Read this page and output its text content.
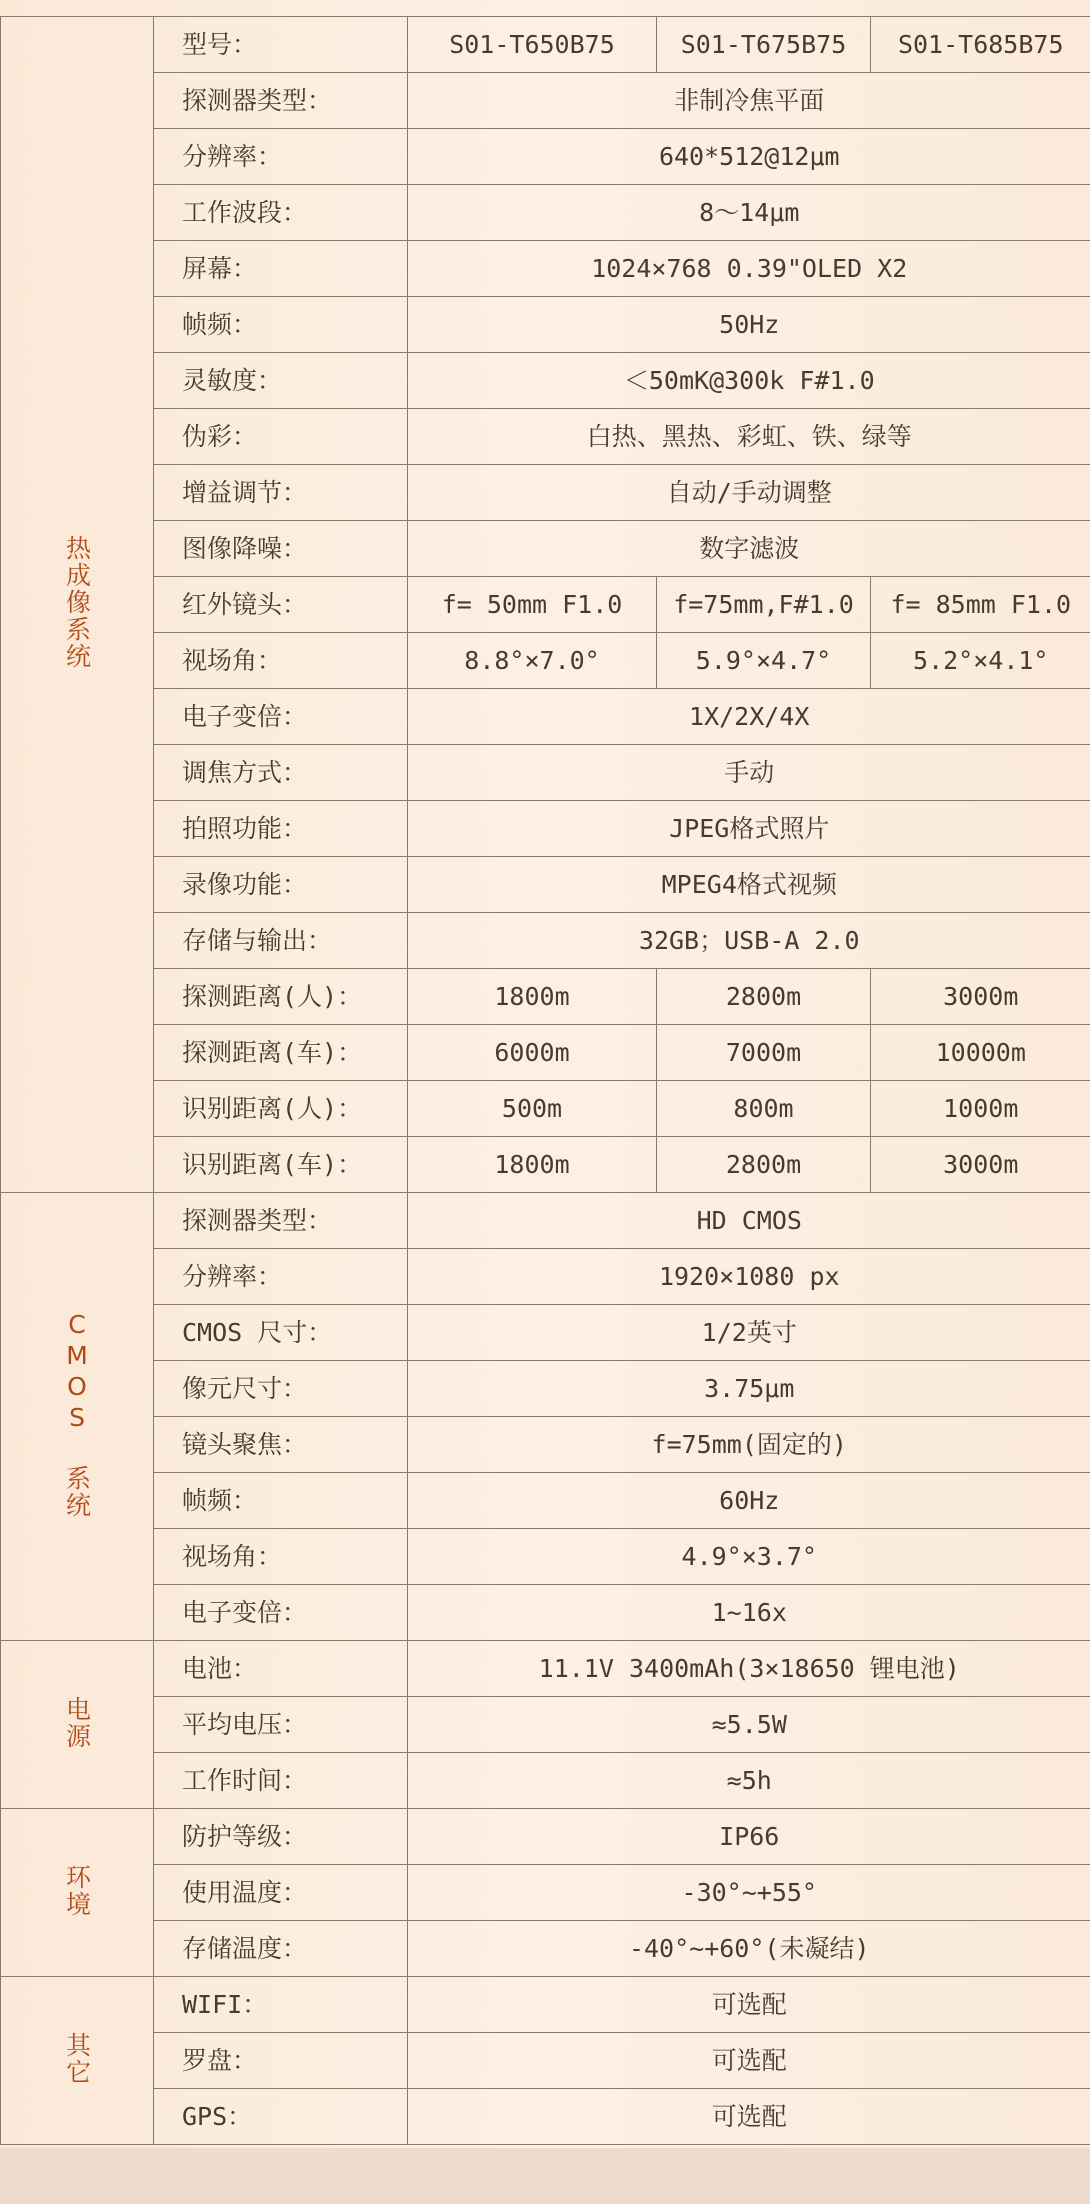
热成像系统	型号：	S01-T650B75	S01-T675B75	S01-T685B75
	探测器类型：	非制冷焦平面		
	分辨率：	640*512@12μm		
	工作波段：	8～14μm		
	屏幕：	1024×768 0.39"OLED X2		
	帧频：	50Hz		
	灵敏度：	＜50mK@300k F#1.0		
	伪彩：	白热、黑热、彩虹、铁、绿等		
	增益调节：	自动/手动调整		
	图像降噪：	数字滤波		
	红外镜头：	f= 50mm F1.0	f=75mm,F#1.0	f= 85mm F1.0
	视场角：	8.8°×7.0°	5.9°×4.7°	5.2°×4.1°
	电子变倍：	1X/2X/4X		
	调焦方式：	手动		
	拍照功能：	JPEG格式照片		
	录像功能：	MPEG4格式视频		
	存储与输出：	32GB；USB-A 2.0		
	探测距离(人)：	1800m	2800m	3000m
	探测距离(车)：	6000m	7000m	10000m
	识别距离(人)：	500m	800m	1000m
	识别距离(车)：	1800m	2800m	3000m
CMOS 系统	探测器类型：	HD CMOS		
	分辨率：	1920×1080 px		
	CMOS 尺寸：	1/2英寸		
	像元尺寸：	3.75μm		
	镜头聚焦：	f=75mm(固定的)		
	帧频：	60Hz		
	视场角：	4.9°×3.7°		
	电子变倍：	1~16x		
电源	电池：	11.1V 3400mAh(3×18650 锂电池)		
	平均电压：	≈5.5W		
	工作时间：	≈5h		
环境	防护等级：	IP66		
	使用温度：	-30°~+55°		
	存储温度：	-40°~+60°(未凝结)		
其它	WIFI：	可选配		
	罗盘：	可选配		
	GPS：	可选配		
